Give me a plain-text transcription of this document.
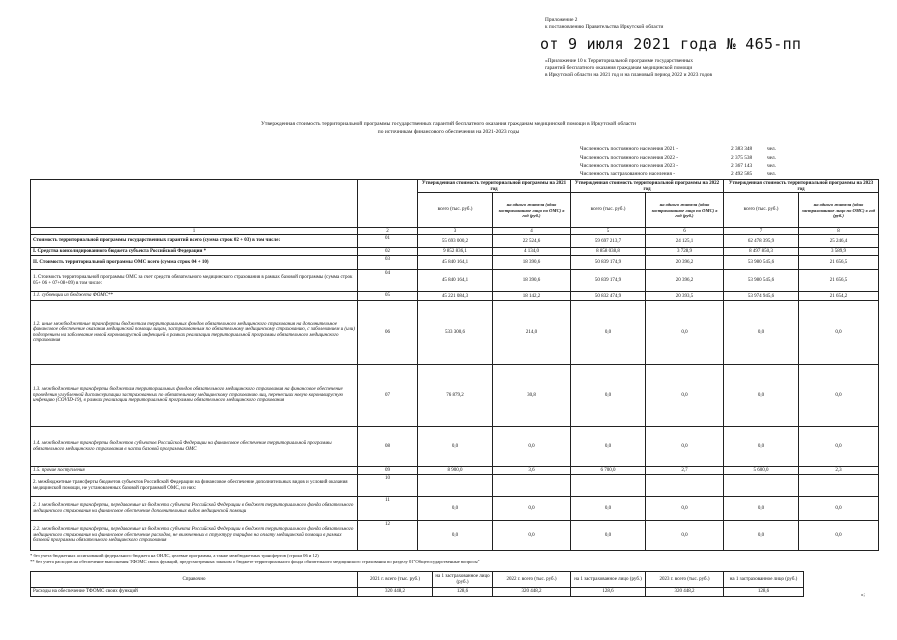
Приложение 2
к постановлению Правительства Иркутской области
от 9 июля 2021 года № 465-пп
«Приложение 10 к Территориальной программе государственных
гарантий бесплатного оказания гражданам медицинской помощи
в Иркутской области на 2021 год и на плановый период 2022 и 2023 годов
Утвержденная стоимость территориальной программы государственных гарантий бесплатного оказания гражданам медицинской помощи в Иркутской области
по источникам финансового обеспечения на 2021-2023 годы
Численность постоянного населения 2021 -	2 383 348	чел.
Численность постоянного населения 2022 -	2 375 538	чел.
Численность постоянного населения 2023 -	2 367 143	чел.
Численность застрахованного населения -	2 492 585	чел.
		Утвержденная стоимость территориальной программы на 2021 год		Утвержденная стоимость территориальной программы на 2022 год		Утвержденная стоимость территориальной программы на 2023 год	
		всего (тыс. руб.)	на одного жителя (одно застрахованное лицо по ОМС) в год (руб.)	всего (тыс. руб.)	на одного жителя (одно застрахованное лицо по ОМС) в год (руб.)	всего (тыс. руб.)	на одного жителя (одно застрахованное лицо по ОМС) в год (руб.)
1	2	3	4	5	6	7	8
Стоимость территориальной программы государственных гарантий всего (сумма строк 02 + 03) в том числе:	01	55 693 000,2	22 524,6	59 697 213,7	24 125,1	62 478 395,9	25 246,4
I. Средства консолидированного бюджета субъекта Российской Федерации *	02	9 852 836,1	4 134,0	8 858 038,8	3 728,9	8 497 850,3	3 589,9
II. Стоимость территориальной программы ОМС всего (сумма строк 04 + 10)	03	45 840 164,1	18 390,6	50 839 174,9	20 396,2	53 980 545,6	21 656,5
1. Стоимость территориальной программы ОМС за счет средств обязательного медицинского страхования в рамках базовой программы (сумма строк 05+ 06 + 07+08+09) в том числе:	04	45 840 164,1	18 390,6	50 839 174,9	20 396,2	53 980 545,6	21 656,5
1.1. субвенции из бюджета ФОМС**	05	45 221 084,3	18 142,2	50 832 474,9	20 393,5	53 974 945,6	21 654,2
1.2. иные межбюджетные трансферты бюджетам территориальных фондов обязательного медицинского страхования на дополнительное финансовое обеспечение оказания медицинской помощи лицам, застрахованным по обязательному медицинскому страхованию, с заболеванием и (или) подозрением на заболевание новой коронавирусной инфекцией в рамках реализации территориальной программы обязательного медицинского страхования	06	533 300,6	214,0	0,0	0,0	0,0	0,0
1.3. межбюджетные трансферты бюджетам территориальных фондов обязательного медицинского страхования на финансовое обеспечение проведения углубленной диспансеризации застрахованных по обязательному медицинскому страхованию лиц, перенесших новую коронавирусную инфекцию (COVID-19), в рамках реализации территориальной программы обязательного медицинского страхования	07	76 879,2	30,8	0,0	0,0	0,0	0,0
1.4. межбюджетные трансферты бюджетов субъектов Российской Федерации на финансовое обеспечение территориальной программы обязательного медицинского страхования в части базовой программы ОМС	08	0,0	0,0	0,0	0,0	0,0	0,0
1.5. прочие поступления	09	8 900,0	3,6	6 700,0	2,7	5 600,0	2,3
2. межбюджетные трансферты бюджетов субъектов Российской Федерации на финансовое обеспечение дополнительных видов и условий оказания медицинской помощи, не установленных базовой программой ОМС, из них:	10						
2. 1 межбюджетные трансферты, передаваемые из бюджета субъекта Российской Федерации в бюджет территориального фонда обязательного медицинского страхования на финансовое обеспечение дополнительных видов медицинской помощи	11	0,0	0,0	0,0	0,0	0,0	0,0
2.2. межбюджетные трансферты, передаваемые из бюджета субъекта Российской Федерации в бюджет территориального фонда обязательного медицинского страхования на финансовое обеспечение расходов, не включенных в структуру тарифов на оплату медицинской помощи в рамках базовой программы обязательного медицинского страхования	12	0,0	0,0	0,0	0,0	0,0	0,0
* без учета бюджетных ассигнований федерального бюджета на ОНЛС, целевые программы, а также межбюджетных трансфертов (строки 06 и 12)
** без учета расходов на обеспечение выполнения ТФОМС своих функций, предусмотренных законом о бюджете территориального фонда обязательного медицинского страхования по разделу 01"Общегосударственные вопросы"
Справочно	2021 г. всего (тыс. руб.)	на 1 застрахованное лицо (руб.)	2022 г. всего (тыс. руб.)	на 1 застрахованное лицо (руб.)	2023 г. всего (тыс. руб.)	на 1 застрахованное лицо (руб.)
Расходы на обеспечение ТФОМС своих функций	320 448,2	128,6	320 448,2	128,6	320 448,2	128,6
»;
